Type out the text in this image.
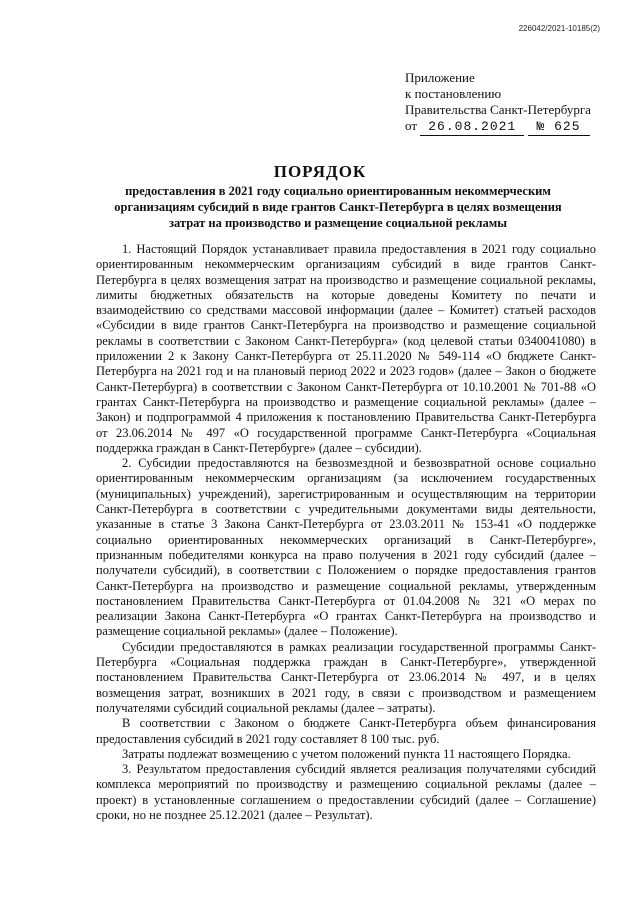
226042/2021-10185(2)
Приложение
к постановлению
Правительства Санкт-Петербурга
от 26.08.2021 № 625
ПОРЯДОК
предоставления в 2021 году социально ориентированным некоммерческим организациям субсидий в виде грантов Санкт-Петербурга в целях возмещения затрат на производство и размещение социальной рекламы

1. Настоящий Порядок устанавливает правила предоставления в 2021 году социально ориентированным некоммерческим организациям субсидий в виде грантов Санкт-Петербурга в целях возмещения затрат на производство и размещение социальной рекламы, лимиты бюджетных обязательств на которые доведены Комитету по печати и взаимодействию со средствами массовой информации (далее – Комитет) статьей расходов «Субсидии в виде грантов Санкт-Петербурга на производство и размещение социальной рекламы в соответствии с Законом Санкт-Петербурга» (код целевой статьи 0340041080) в приложении 2 к Закону Санкт-Петербурга от 25.11.2020 № 549-114 «О бюджете Санкт-Петербурга на 2021 год и на плановый период 2022 и 2023 годов» (далее – Закон о бюджете Санкт-Петербурга) в соответствии с Законом Санкт-Петербурга от 10.10.2001 № 701-88 «О грантах Санкт-Петербурга на производство и размещение социальной рекламы» (далее – Закон) и подпрограммой 4 приложения к постановлению Правительства Санкт-Петербурга от 23.06.2014 № 497 «О государственной программе Санкт-Петербурга «Социальная поддержка граждан в Санкт-Петербурге» (далее – субсидии).

2. Субсидии предоставляются на безвозмездной и безвозвратной основе социально ориентированным некоммерческим организациям (за исключением государственных (муниципальных) учреждений), зарегистрированным и осуществляющим на территории Санкт-Петербурга в соответствии с учредительными документами виды деятельности, указанные в статье 3 Закона Санкт-Петербурга от 23.03.2011 № 153-41 «О поддержке социально ориентированных некоммерческих организаций в Санкт-Петербурге», признанным победителями конкурса на право получения в 2021 году субсидий (далее – получатели субсидий), в соответствии с Положением о порядке предоставления грантов Санкт-Петербурга на производство и размещение социальной рекламы, утвержденным постановлением Правительства Санкт-Петербурга от 01.04.2008 № 321 «О мерах по реализации Закона Санкт-Петербурга «О грантах Санкт-Петербурга на производство и размещение социальной рекламы» (далее – Положение).

Субсидии предоставляются в рамках реализации государственной программы Санкт-Петербурга «Социальная поддержка граждан в Санкт-Петербурге», утвержденной постановлением Правительства Санкт-Петербурга от 23.06.2014 № 497, и в целях возмещения затрат, возникших в 2021 году, в связи с производством и размещением получателями субсидий социальной рекламы (далее – затраты).

В соответствии с Законом о бюджете Санкт-Петербурга объем финансирования предоставления субсидий в 2021 году составляет 8 100 тыс. руб.

Затраты подлежат возмещению с учетом положений пункта 11 настоящего Порядка.

3. Результатом предоставления субсидий является реализация получателями субсидий комплекса мероприятий по производству и размещению социальной рекламы (далее – проект) в установленные соглашением о предоставлении субсидий (далее – Соглашение) сроки, но не позднее 25.12.2021 (далее – Результат).
